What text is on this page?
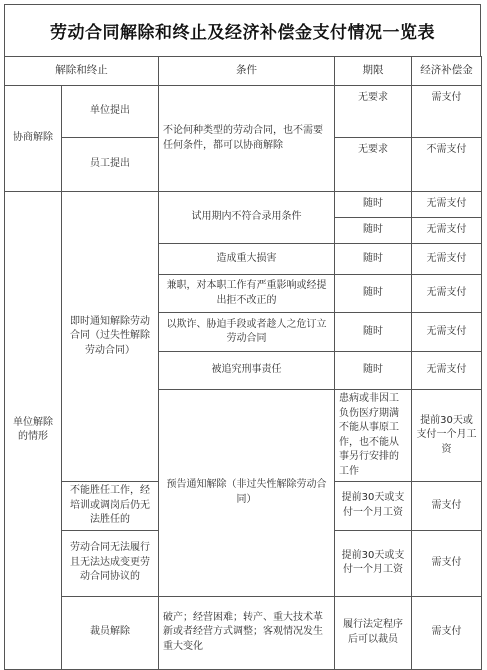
劳动合同解除和终止及经济补偿金支付情况一览表
解除和终止		条件	期限	经济补偿金	
协商解除	单位提出	不论何种类型的劳动合同，也不需要任何条件，都可以协商解除	无要求	需支付	
	员工提出		无要求	不需支付	
单位解除的情形	即时通知解除劳动合同（过失性解除劳动合同）	试用期内不符合录用条件	随时	无需支付	
			随时	无需支付	
		造成重大损害	随时	无需支付	
		兼职，对本职工作有严重影响或经提出拒不改正的	随时	无需支付	
		以欺诈、胁迫手段或者趁人之危订立劳动合同	随时	无需支付	
		被追究刑事责任	随时	无需支付	
		预告通知解除（非过失性解除劳动合同）	患病或非因工负伤医疗期满不能从事原工作，也不能从事另行安排的工作	提前30天或支付一个月工资	
	不能胜任工作，经培训或调岗后仍无法胜任的		提前30天或支付一个月工资	需支付	
	劳动合同无法履行且无法达成变更劳动合同协议的		提前30天或支付一个月工资	需支付	
	裁员解除	破产；经营困难；转产、重大技术革新或者经营方式调整；客观情况发生重大变化	履行法定程序后可以裁员	需支付	
